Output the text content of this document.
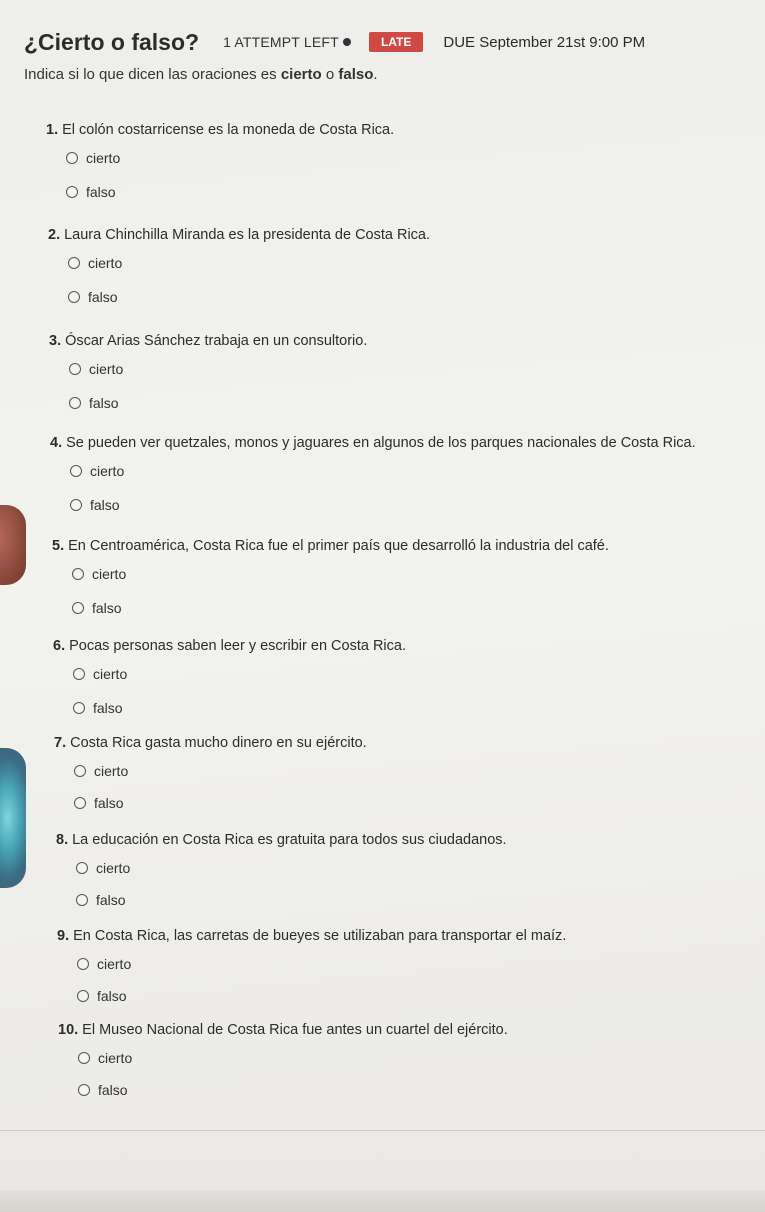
¿Cierto o falso? 1 ATTEMPT LEFT	LATE	DUE September 21st 9:00 PM
Indica si lo que dicen las oraciones es cierto o falso.
1. El colón costarricense es la moneda de Costa Rica.
cierto
falso
2. Laura Chinchilla Miranda es la presidenta de Costa Rica.
cierto
falso
3. Óscar Arias Sánchez trabaja en un consultorio.
cierto
falso
4. Se pueden ver quetzales, monos y jaguares en algunos de los parques nacionales de Costa Rica.
cierto
falso
5. En Centroamérica, Costa Rica fue el primer país que desarrolló la industria del café.
cierto
falso
6. Pocas personas saben leer y escribir en Costa Rica.
cierto
falso
7. Costa Rica gasta mucho dinero en su ejército.
cierto
falso
8. La educación en Costa Rica es gratuita para todos sus ciudadanos.
cierto
falso
9. En Costa Rica, las carretas de bueyes se utilizaban para transportar el maíz.
cierto
falso
10. El Museo Nacional de Costa Rica fue antes un cuartel del ejército.
cierto
falso
